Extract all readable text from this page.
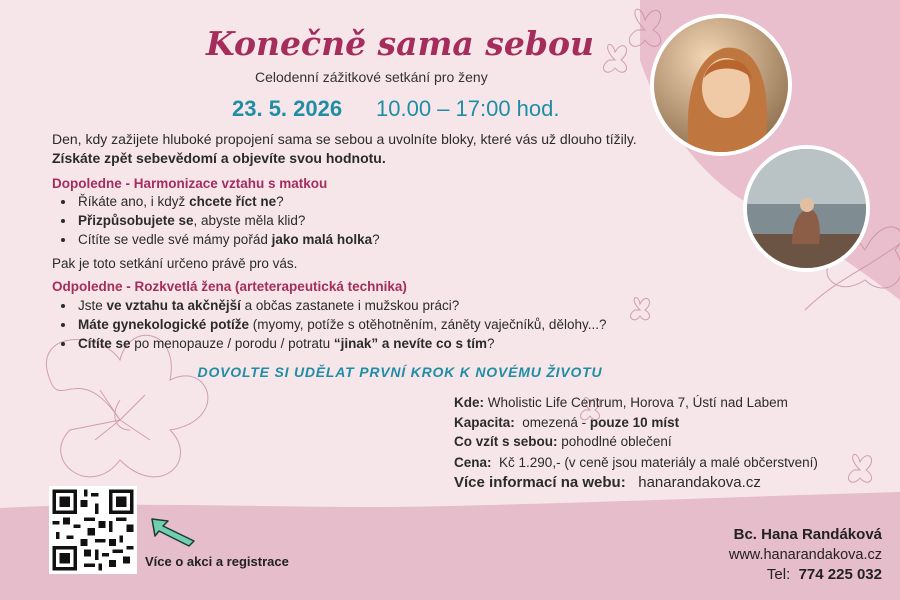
Konečně sama sebou
Celodenní zážitkové setkání pro ženy
23. 5. 2026 10.00 – 17:00 hod.
Den, kdy zažijete hluboké propojení sama se sebou a uvolníte bloky, které vás už dlouho tížily. Získáte zpět sebevědomí a objevíte svou hodnotu.
Dopoledne - Harmonizace vztahu s matkou
• Říkáte ano, i když chcete říct ne?
• Přizpůsobujete se, abyste měla klid?
• Cítíte se vedle své mámy pořád jako malá holka?
Pak je toto setkání určeno právě pro vás.
Odpoledne - Rozkvetlá žena (arteterapeutická technika)
• Jste ve vztahu ta akčnější a občas zastanete i mužskou práci?
• Máte gynekologické potíže (myomy, potíže s otěhotněním, záněty vaječníků, dělohy...?
• Cítíte se po menopauze / porodu / potratu “jinak” a nevíte co s tím?
DOVOLTE SI UDĚLAT PRVNÍ KROK K NOVÉMU ŽIVOTU
Kde: Wholistic Life Centrum, Horova 7, Ústí nad Labem
Kapacita: omezená - pouze 10 míst
Co vzít s sebou: pohodlné oblečení
Cena: Kč 1.290,- (v ceně jsou materiály a malé občerstvení)
Více informací na webu: hanarandakova.cz
Více o akci a registrace
Bc. Hana Randáková
www.hanarandakova.cz
Tel: 774 225 032
